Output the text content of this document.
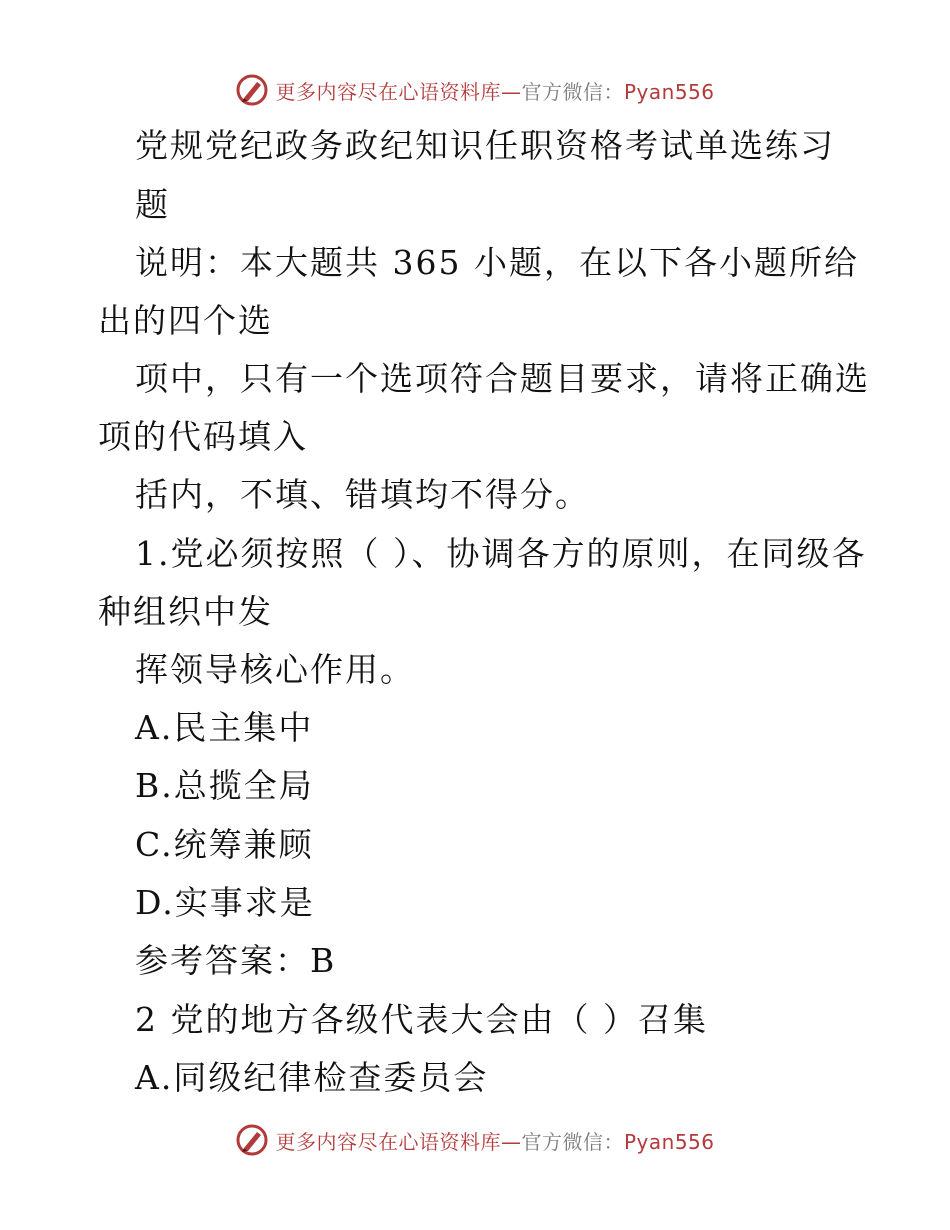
更多内容尽在心语资料库—官方微信：Pyan556
党规党纪政务政纪知识任职资格考试单选练习
题
说明：本大题共 365 小题，在以下各小题所给
出的四个选
项中，只有一个选项符合题目要求，请将正确选
项的代码填入
括内，不填、错填均不得分。
1.党必须按照（ ）、协调各方的原则，在同级各
种组织中发
挥领导核心作用。
A.民主集中
B.总揽全局
C.统筹兼顾
D.实事求是
参考答案：B
2 党的地方各级代表大会由（ ）召集
A.同级纪律检查委员会
更多内容尽在心语资料库—官方微信：Pyan556
